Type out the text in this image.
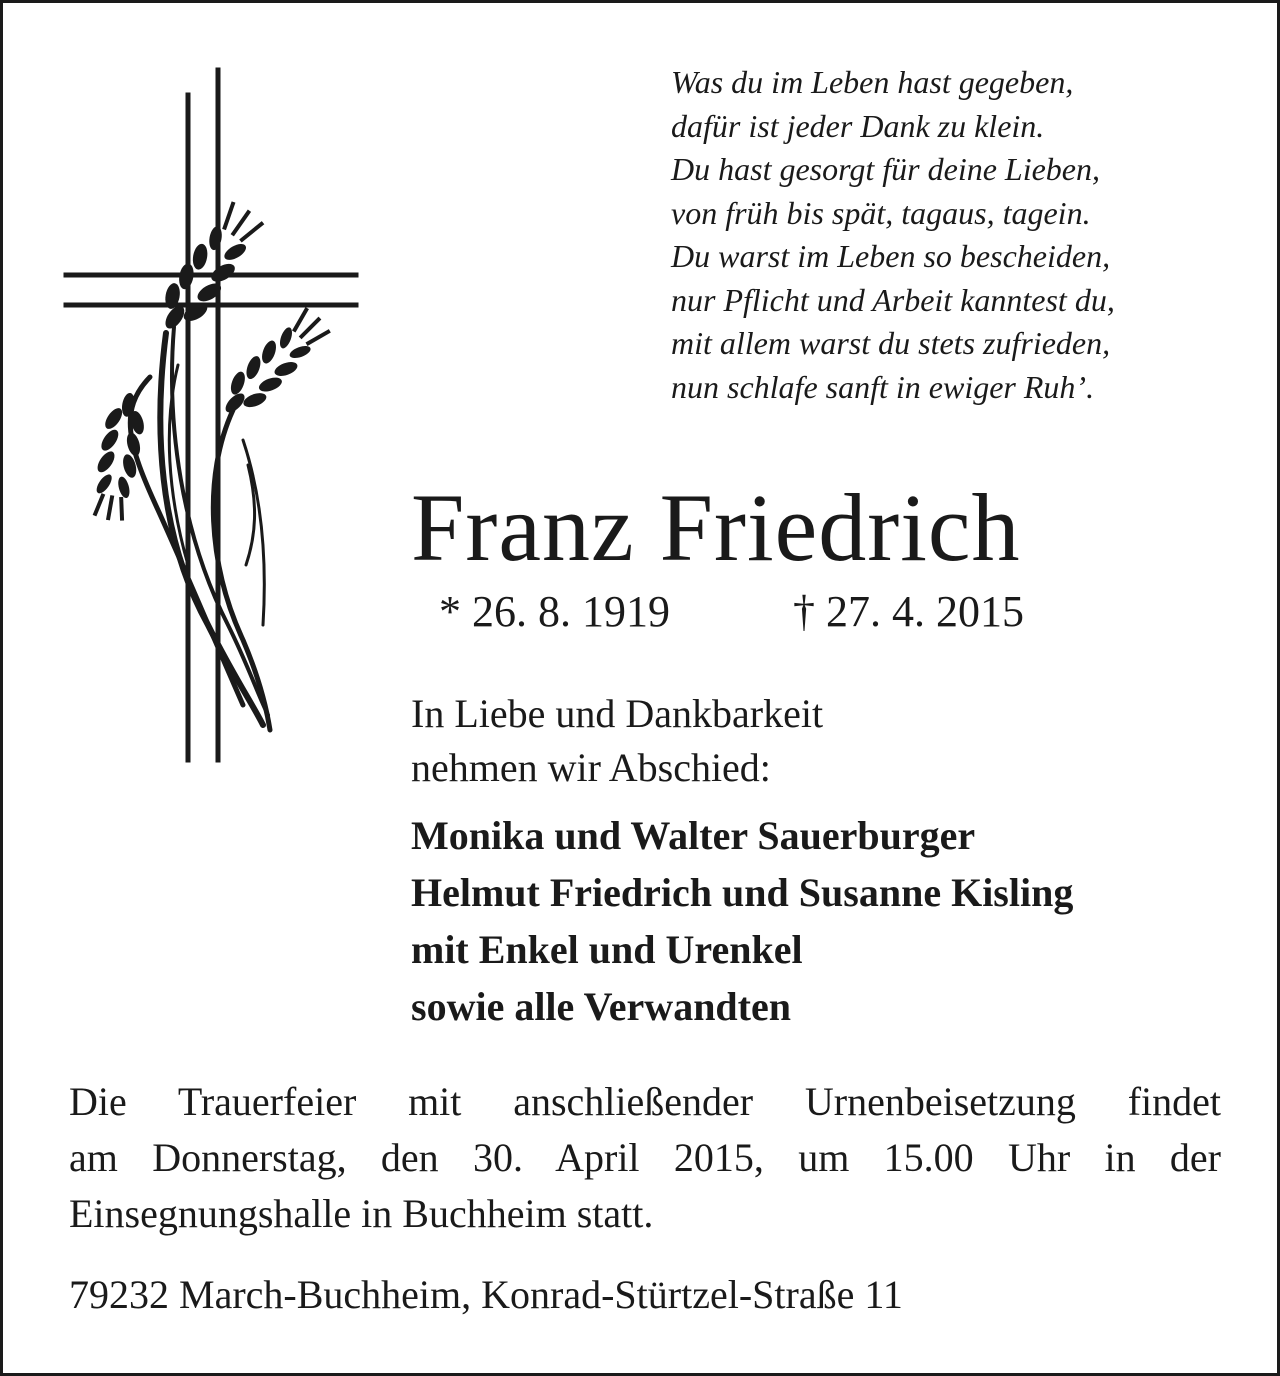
Was du im Leben hast gegeben,
dafür ist jeder Dank zu klein.
Du hast gesorgt für deine Lieben,
von früh bis spät, tagaus, tagein.
Du warst im Leben so bescheiden,
nur Pflicht und Arbeit kanntest du,
mit allem warst du stets zufrieden,
nun schlafe sanft in ewiger Ruh’.

Franz Friedrich
* 26. 8. 1919	† 27. 4. 2015

In Liebe und Dankbarkeit
nehmen wir Abschied:

Monika und Walter Sauerburger
Helmut Friedrich und Susanne Kisling
mit Enkel und Urenkel
sowie alle Verwandten

Die Trauerfeier mit anschließender Urnenbeisetzung findet
am Donnerstag, den 30. April 2015, um 15.00 Uhr in der
Einsegnungshalle in Buchheim statt.

79232 March-Buchheim, Konrad-Stürtzel-Straße 11
